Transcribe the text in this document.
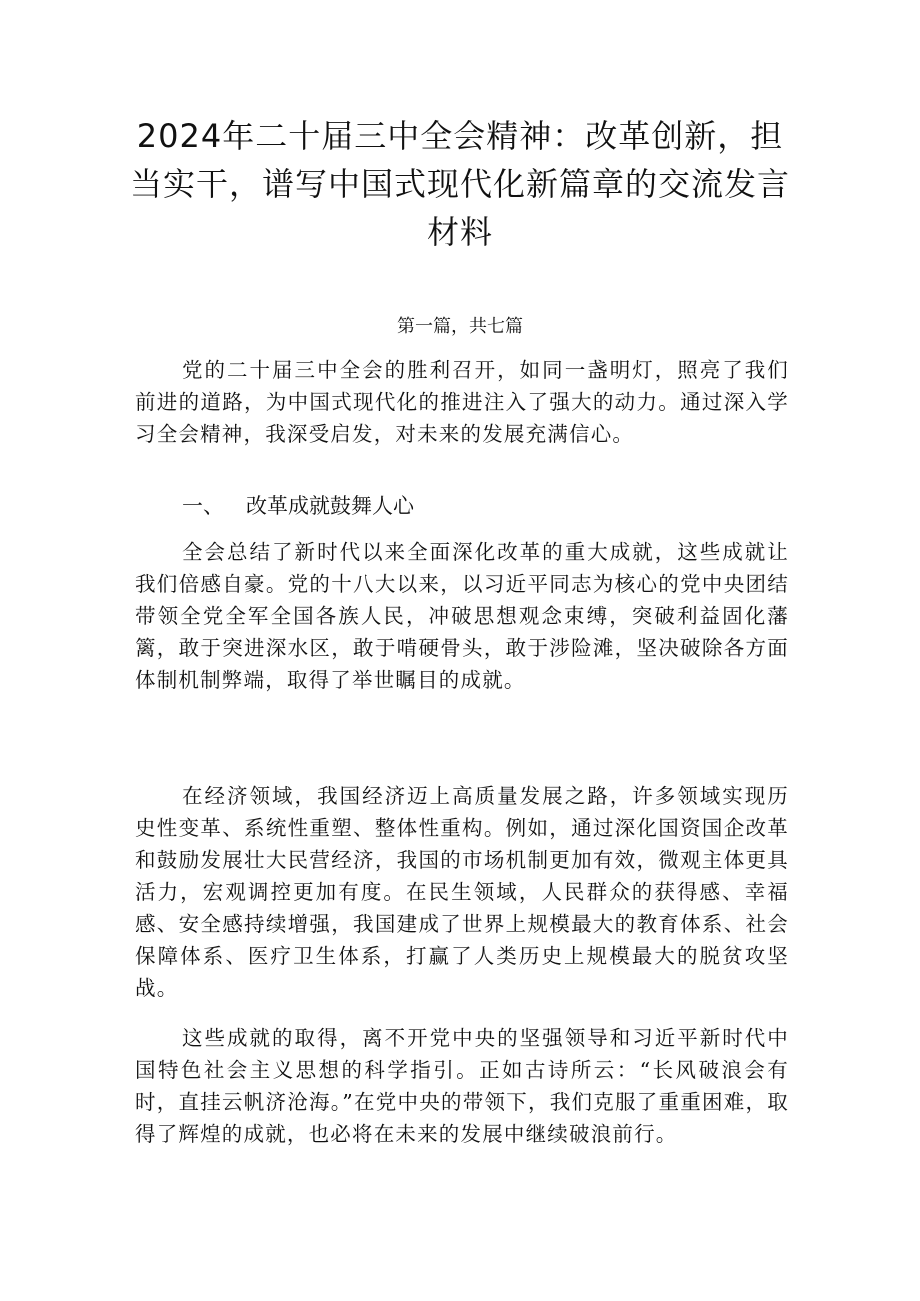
2024年二十届三中全会精神：改革创新，担当实干，谱写中国式现代化新篇章的交流发言材料

第一篇，共七篇

党的二十届三中全会的胜利召开，如同一盏明灯，照亮了我们前进的道路，为中国式现代化的推进注入了强大的动力。通过深入学习全会精神，我深受启发，对未来的发展充满信心。

一、 改革成就鼓舞人心

全会总结了新时代以来全面深化改革的重大成就，这些成就让我们倍感自豪。党的十八大以来，以习近平同志为核心的党中央团结带领全党全军全国各族人民，冲破思想观念束缚，突破利益固化藩篱，敢于突进深水区，敢于啃硬骨头，敢于涉险滩，坚决破除各方面体制机制弊端，取得了举世瞩目的成就。

在经济领域，我国经济迈上高质量发展之路，许多领域实现历史性变革、系统性重塑、整体性重构。例如，通过深化国资国企改革和鼓励发展壮大民营经济，我国的市场机制更加有效，微观主体更具活力，宏观调控更加有度。在民生领域，人民群众的获得感、幸福感、安全感持续增强，我国建成了世界上规模最大的教育体系、社会保障体系、医疗卫生体系，打赢了人类历史上规模最大的脱贫攻坚战。

这些成就的取得，离不开党中央的坚强领导和习近平新时代中国特色社会主义思想的科学指引。正如古诗所云：“长风破浪会有时，直挂云帆济沧海。”在党中央的带领下，我们克服了重重困难，取得了辉煌的成就，也必将在未来的发展中继续破浪前行。
